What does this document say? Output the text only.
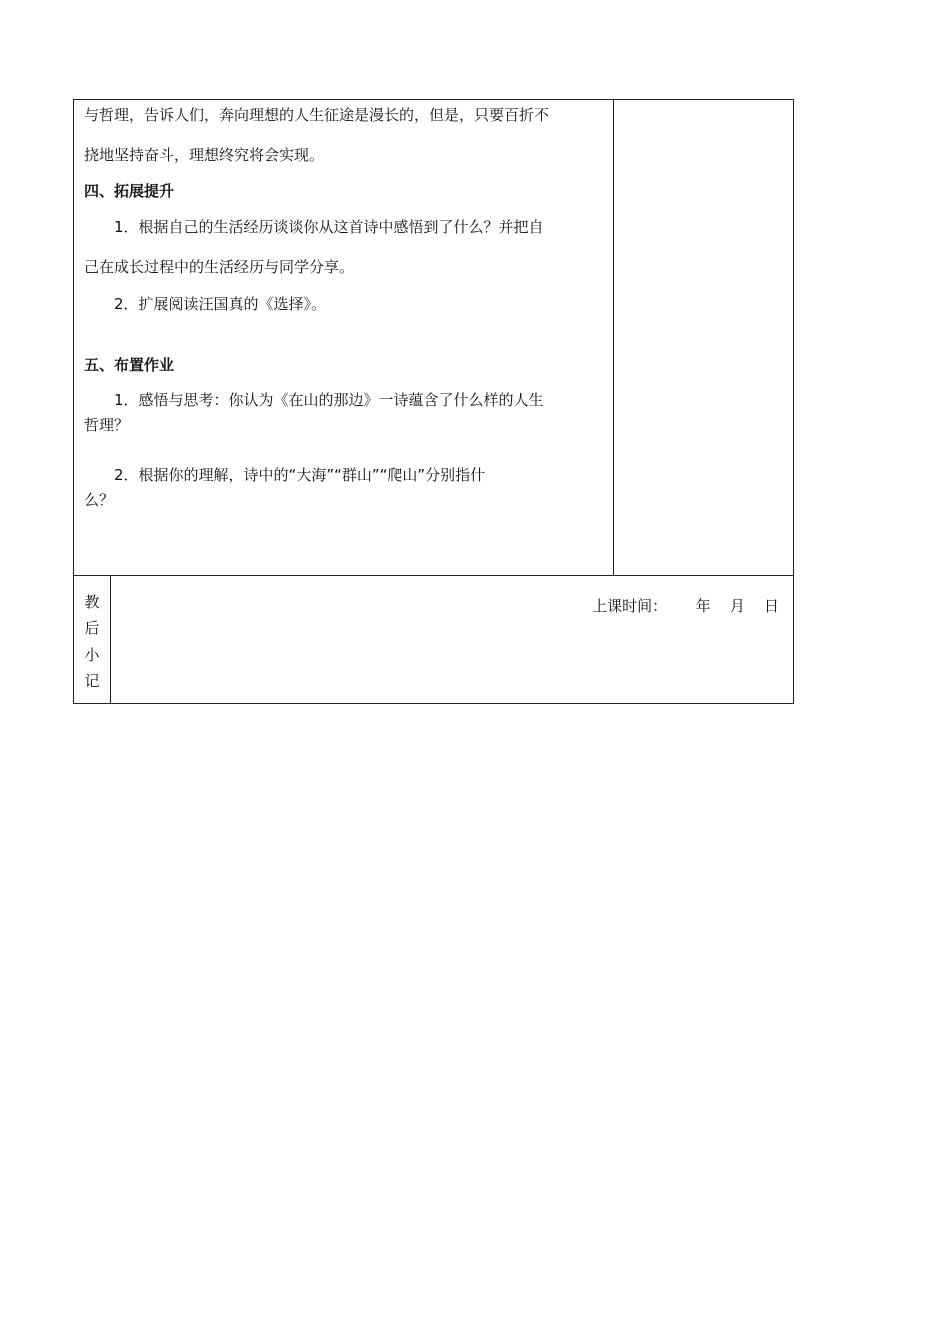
与哲理，告诉人们，奔向理想的人生征途是漫长的，但是，只要百折不
挠地坚持奋斗，理想终究将会实现。
四、拓展提升
1．根据自己的生活经历谈谈你从这首诗中感悟到了什么？并把自
己在成长过程中的生活经历与同学分享。
2．扩展阅读汪国真的《选择》。
五、布置作业
1．感悟与思考：你认为《在山的那边》一诗蕴含了什么样的人生
哲理？
2．根据你的理解，诗中的“大海”“群山”“爬山”分别指什
么？
教
后
小
记
上课时间： 年 月 日
